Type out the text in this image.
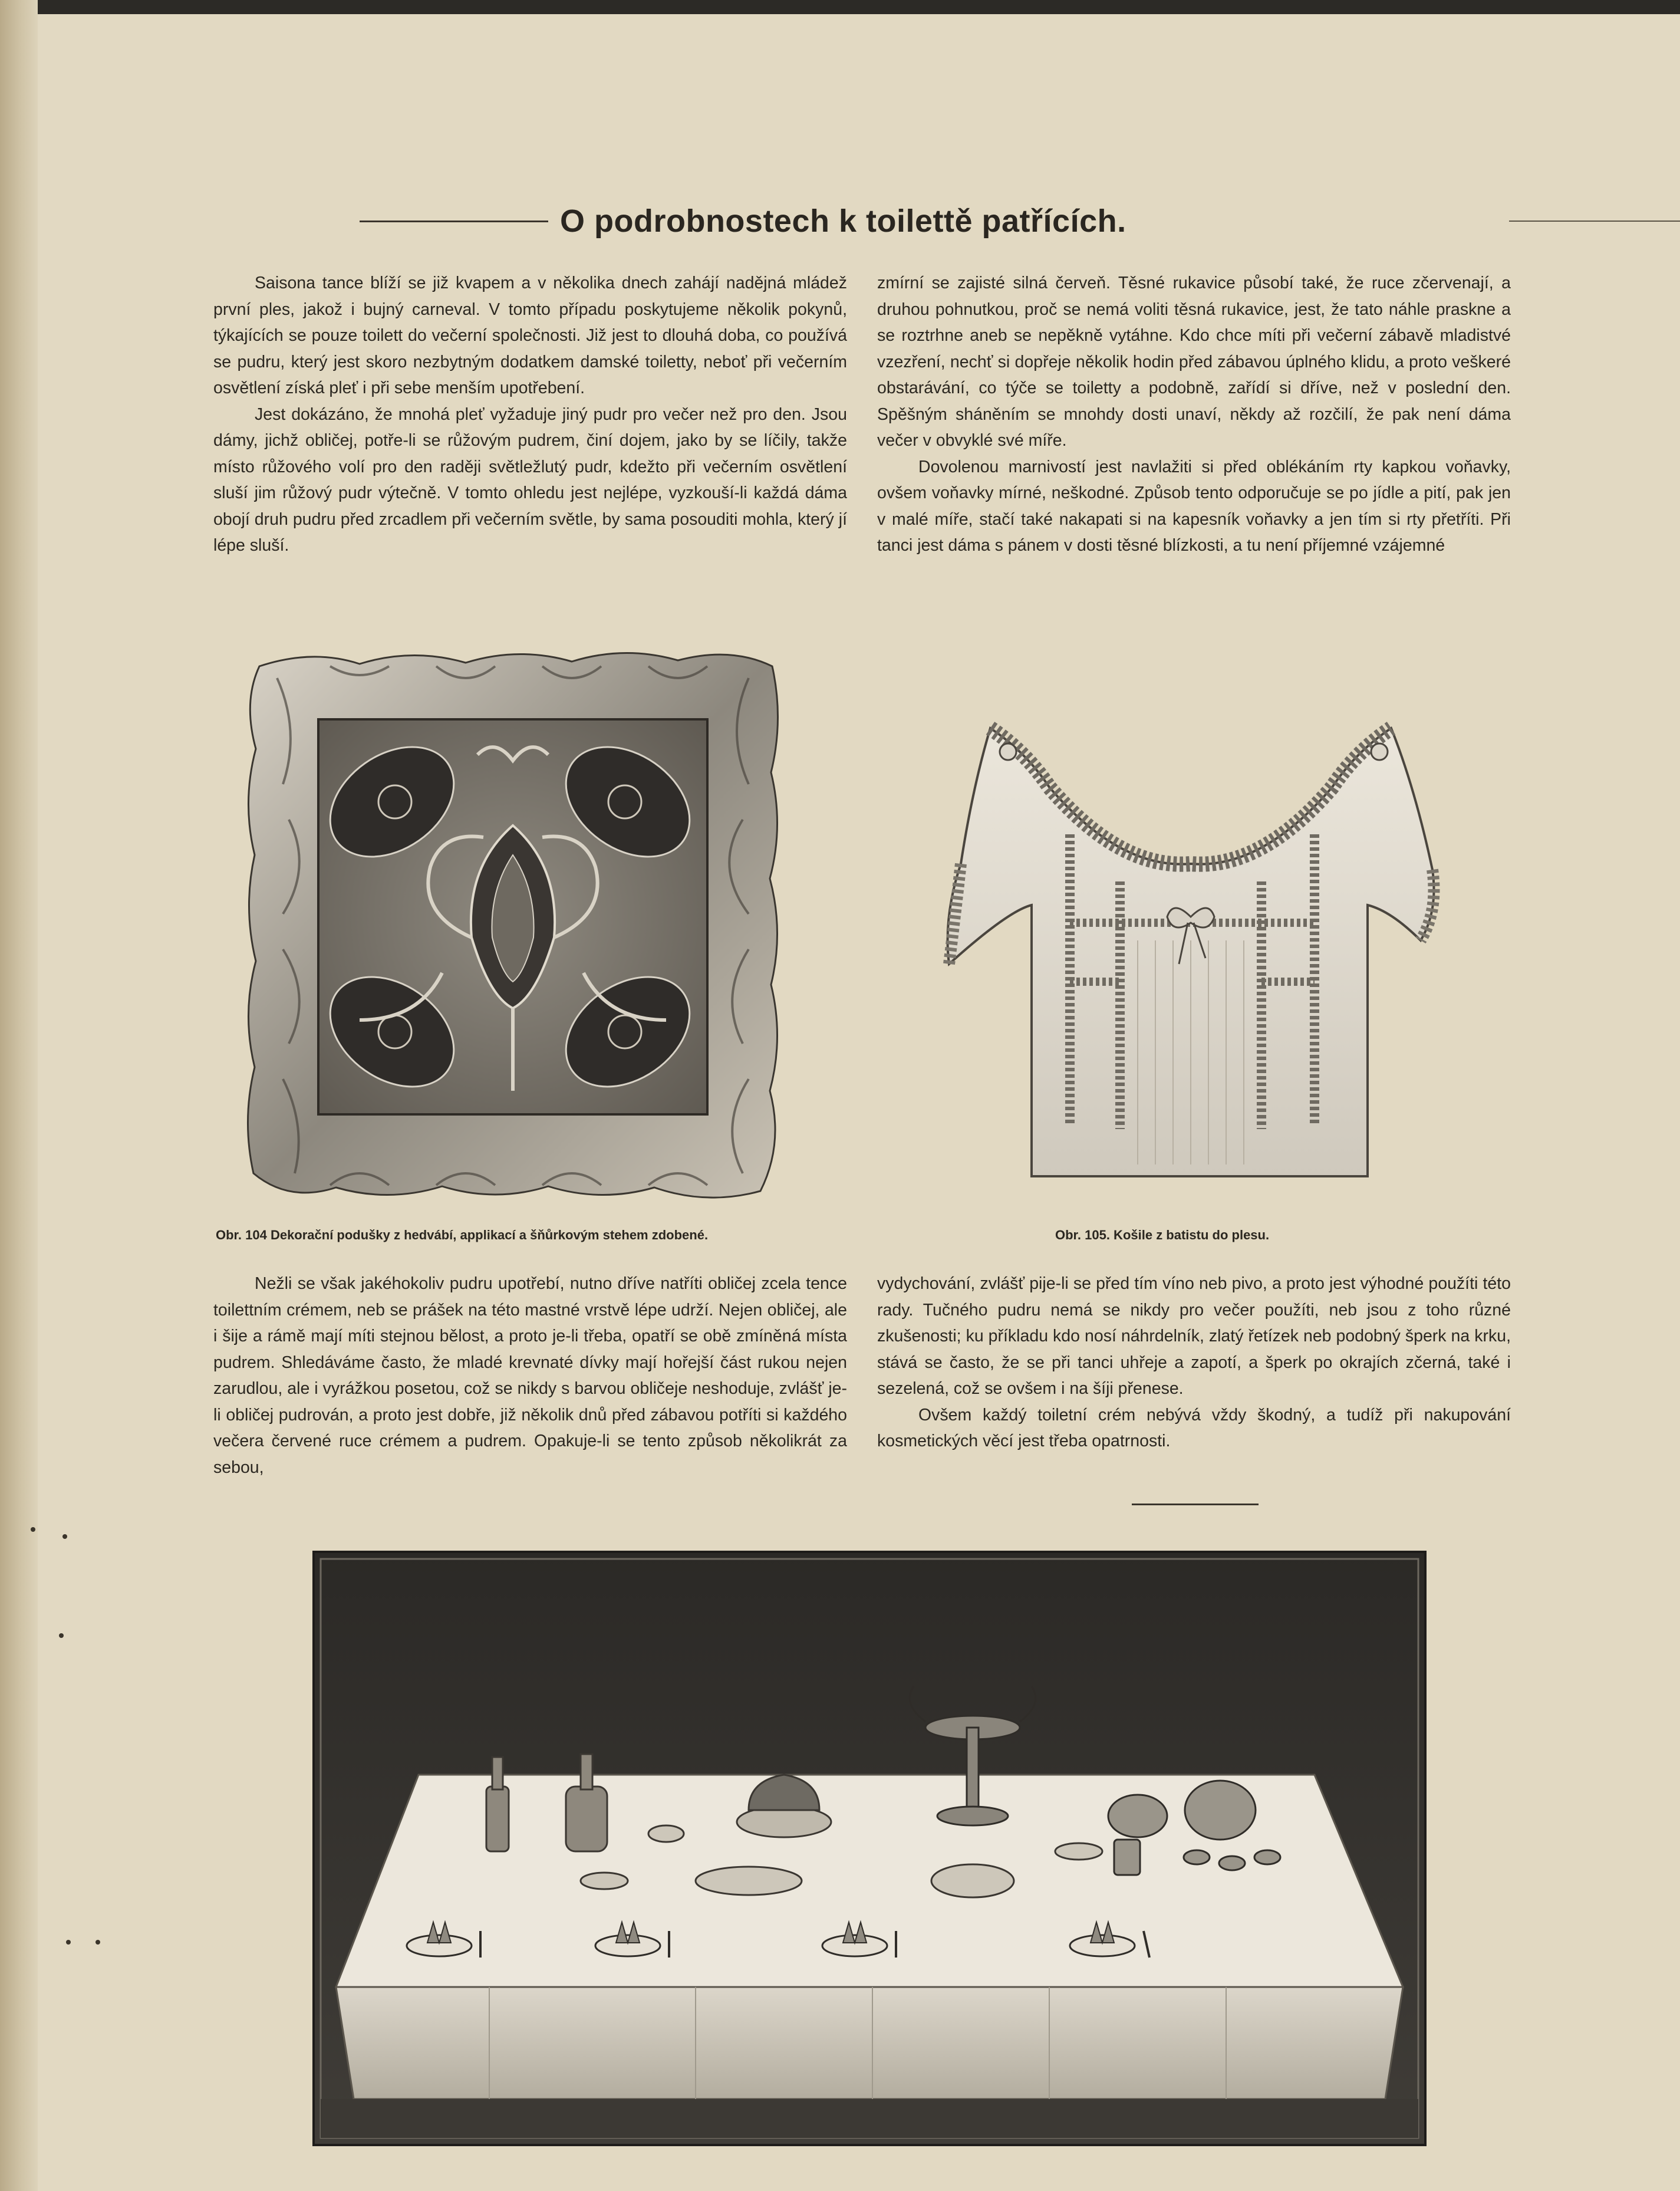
O podrobnostech k toilettě patřících.

Saisona tance blíží se již kvapem a v několika dnech zahájí nadějná mládež první ples, jakož i bujný carneval. V tomto případu poskytujeme několik pokynů, týkajících se pouze toilett do večerní společnosti. Již jest to dlouhá doba, co používá se pudru, který jest skoro nezbytným dodatkem damské toiletty, neboť při večerním osvětlení získá pleť i při sebe menším upotřebení.

Jest dokázáno, že mnohá pleť vyžaduje jiný pudr pro večer než pro den. Jsou dámy, jichž obličej, potře-li se růžovým pudrem, činí dojem, jako by se líčily, takže místo růžového volí pro den raději světležlutý pudr, kdežto při večerním osvětlení sluší jim růžový pudr výtečně. V tomto ohledu jest nejlépe, vyzkouší-li každá dáma obojí druh pudru před zrcadlem při večerním světle, by sama posouditi mohla, který jí lépe sluší.

zmírní se zajisté silná červeň. Těsné rukavice působí také, že ruce zčervenají, a druhou pohnutkou, proč se nemá voliti těsná rukavice, jest, že tato náhle praskne a se roztrhne aneb se nepěkně vytáhne. Kdo chce míti při večerní zábavě mladistvé vzezření, nechť si dopřeje několik hodin před zábavou úplného klidu, a proto veškeré obstarávání, co týče se toiletty a podobně, zařídí si dříve, než v poslední den. Spěšným sháněním se mnohdy dosti unaví, někdy až rozčilí, že pak není dáma večer v obvyklé své míře.

Dovolenou marnivostí jest navlažiti si před oblékáním rty kapkou voňavky, ovšem voňavky mírné, neškodné. Způsob tento odporučuje se po jídle a pití, pak jen v malé míře, stačí také nakapati si na kapesník voňavky a jen tím si rty přetříti. Při tanci jest dáma s pánem v dosti těsné blízkosti, a tu není příjemné vzájemné

Obr. 104 Dekorační podušky z hedvábí, applikací a šňůrkovým stehem zdobené.	Obr. 105. Košile z batistu do plesu.

Nežli se však jakéhokoliv pudru upotřebí, nutno dříve natříti obličej zcela tence toilettním crémem, neb se prášek na této mastné vrstvě lépe udrží. Nejen obličej, ale i šije a rámě mají míti stejnou bělost, a proto je-li třeba, opatří se obě zmíněná místa pudrem. Shledáváme často, že mladé krevnaté dívky mají hořejší část rukou nejen zarudlou, ale i vyrážkou posetou, což se nikdy s barvou obličeje neshoduje, zvlášť je-li obličej pudrován, a proto jest dobře, již několik dnů před zábavou potříti si každého večera červené ruce crémem a pudrem. Opakuje-li se tento způsob několikrát za sebou,

vydychování, zvlášť pije-li se před tím víno neb pivo, a proto jest výhodné použíti této rady. Tučného pudru nemá se nikdy pro večer použíti, neb jsou z toho různé zkušenosti; ku příkladu kdo nosí náhrdelník, zlatý řetízek neb podobný šperk na krku, stává se často, že se při tanci uhřeje a zapotí, a šperk po okrajích zčerná, také i sezelená, což se ovšem i na šíji přenese.

Ovšem každý toiletní crém nebývá vždy škodný, a tudíž při nakupování kosmetických věcí jest třeba opatrnosti.
